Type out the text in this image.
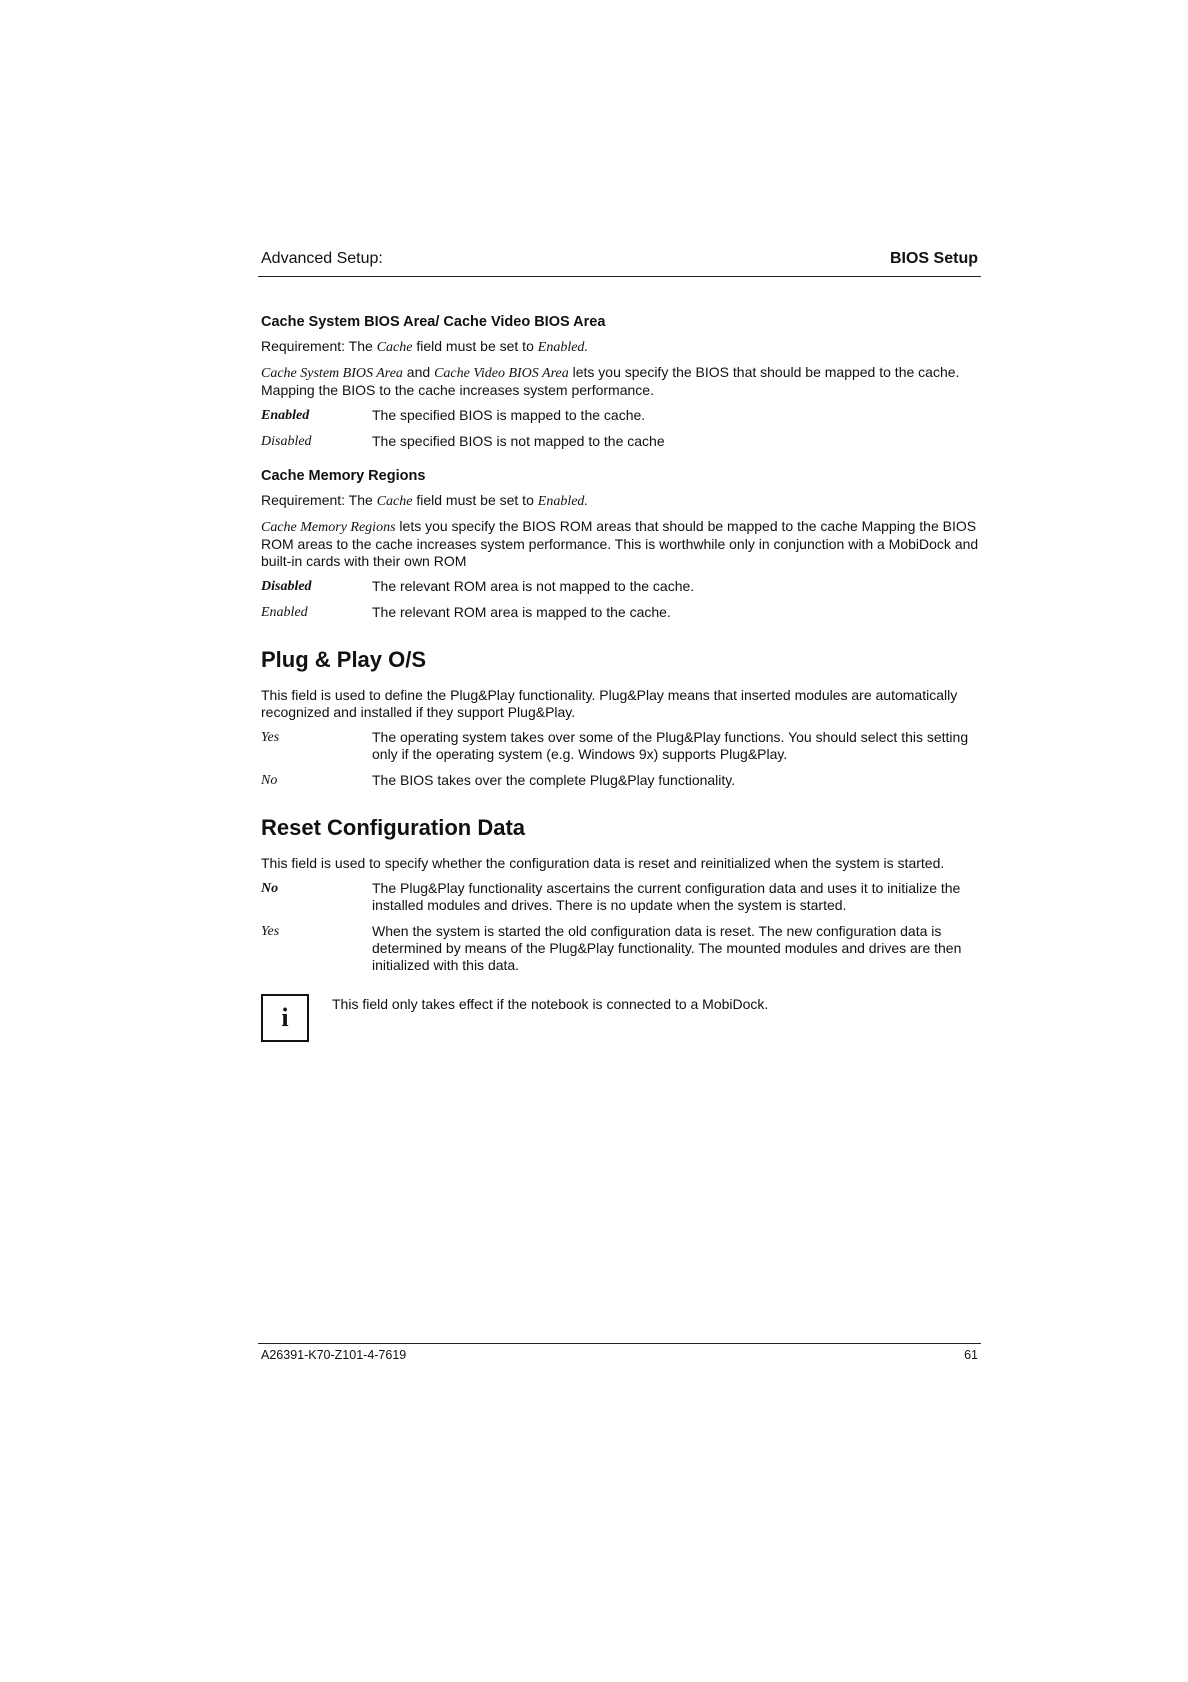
Advanced Setup:	BIOS Setup
Cache System BIOS Area/ Cache Video BIOS Area

Requirement: The Cache field must be set to Enabled.

Cache System BIOS Area and Cache Video BIOS Area lets you specify the BIOS that should be mapped to the cache. Mapping the BIOS to the cache increases system performance.

Enabled	The specified BIOS is mapped to the cache.
Disabled	The specified BIOS is not mapped to the cache
Cache Memory Regions

Requirement: The Cache field must be set to Enabled.

Cache Memory Regions lets you specify the BIOS ROM areas that should be mapped to the cache Mapping the BIOS ROM areas to the cache increases system performance. This is worthwhile only in conjunction with a MobiDock and built-in cards with their own ROM

Disabled	The relevant ROM area is not mapped to the cache.
Enabled	The relevant ROM area is mapped to the cache.
Plug & Play O/S

This field is used to define the Plug&Play functionality. Plug&Play means that inserted modules are automatically recognized and installed if they support Plug&Play.

Yes	The operating system takes over some of the Plug&Play functions. You should select this setting only if the operating system (e.g. Windows 9x) supports Plug&Play.
No	The BIOS takes over the complete Plug&Play functionality.
Reset Configuration Data

This field is used to specify whether the configuration data is reset and reinitialized when the system is started.

No	The Plug&Play functionality ascertains the current configuration data and uses it to initialize the installed modules and drives. There is no update when the system is started.
Yes	When the system is started the old configuration data is reset. The new configuration data is determined by means of the Plug&Play functionality. The mounted modules and drives are then initialized with this data.
i	This field only takes effect if the notebook is connected to a MobiDock.
A26391-K70-Z101-4-7619	61
